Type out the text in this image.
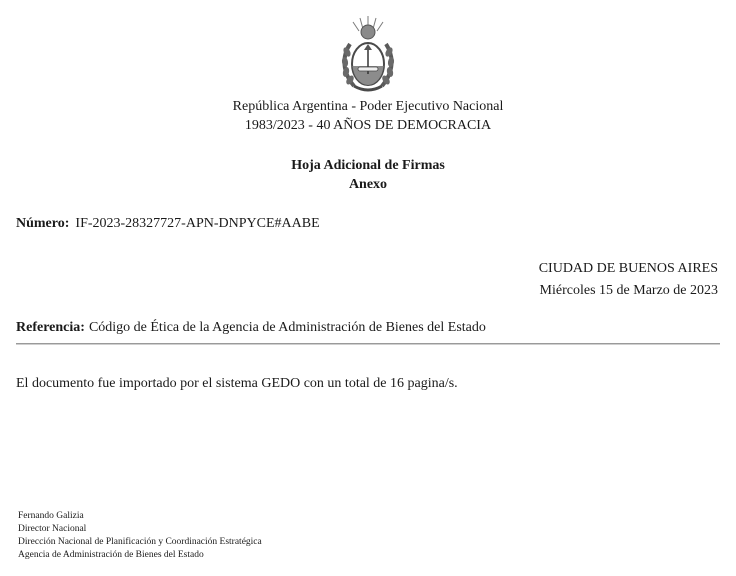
República Argentina - Poder Ejecutivo Nacional
1983/2023 - 40 AÑOS DE DEMOCRACIA
Hoja Adicional de Firmas
Anexo
Número: IF-2023-28327727-APN-DNPYCE#AABE
CIUDAD DE BUENOS AIRES
Miércoles 15 de Marzo de 2023
Referencia: Código de Ética de la Agencia de Administración de Bienes del Estado
El documento fue importado por el sistema GEDO con un total de 16 pagina/s.
Fernando Galizia
Director Nacional
Dirección Nacional de Planificación y Coordinación Estratégica
Agencia de Administración de Bienes del Estado
